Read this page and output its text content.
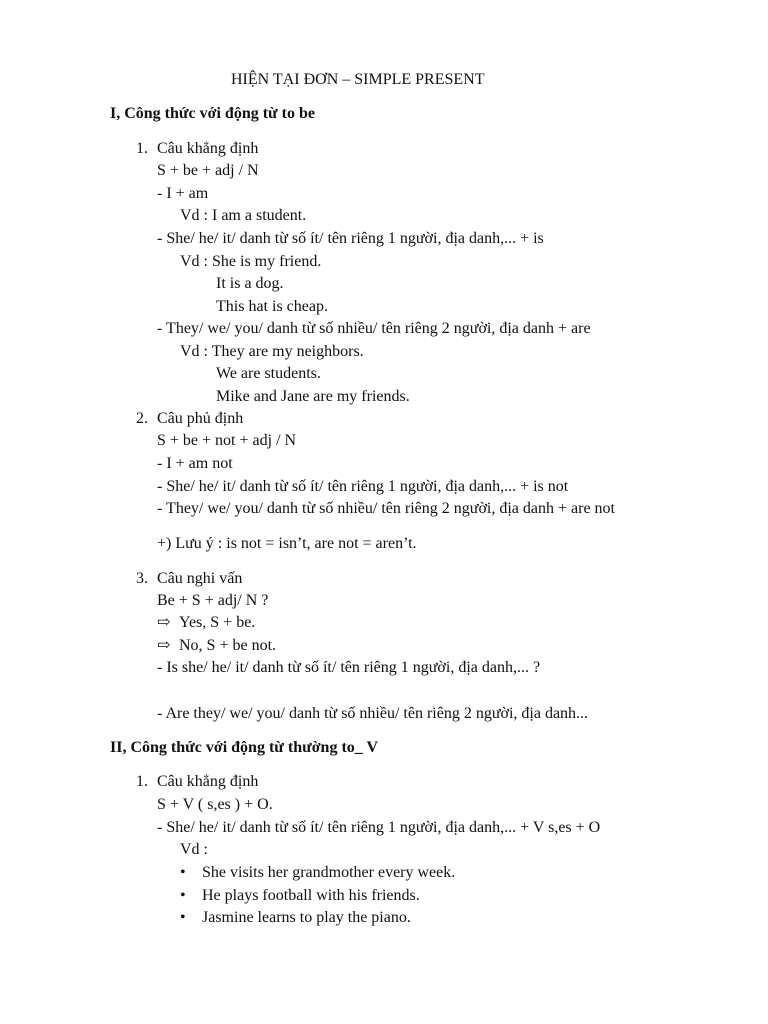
HIỆN TẠI ĐƠN – SIMPLE PRESENT
I, Công thức với động từ to be
1. Câu khẳng định
S + be + adj / N
- I + am
Vd : I am a student.
- She/ he/ it/ danh từ số ít/ tên riêng 1 người, địa danh,... + is
Vd : She is my friend.
It is a dog.
This hat is cheap.
- They/ we/ you/ danh từ số nhiều/ tên riêng 2 người, địa danh + are
Vd : They are my neighbors.
We are students.
Mike and Jane are my friends.
2. Câu phủ định
S + be + not + adj / N
- I + am not
- She/ he/ it/ danh từ số ít/ tên riêng 1 người, địa danh,... + is not
- They/ we/ you/ danh từ số nhiều/ tên riêng 2 người, địa danh + are not
+) Lưu ý : is not = isn’t, are not = aren’t.
3. Câu nghi vấn
Be + S + adj/ N ?
⇨ Yes, S + be.
⇨ No, S + be not.
- Is she/ he/ it/ danh từ số ít/ tên riêng 1 người, địa danh,... ?
- Are they/ we/ you/ danh từ số nhiều/ tên riêng 2 người, địa danh...
II, Công thức với động từ thường to_ V
1. Câu khẳng định
S + V ( s,es ) + O.
- She/ he/ it/ danh từ số ít/ tên riêng 1 người, địa danh,... + V s,es + O
Vd :
• She visits her grandmother every week.
• He plays football with his friends.
• Jasmine learns to play the piano.
